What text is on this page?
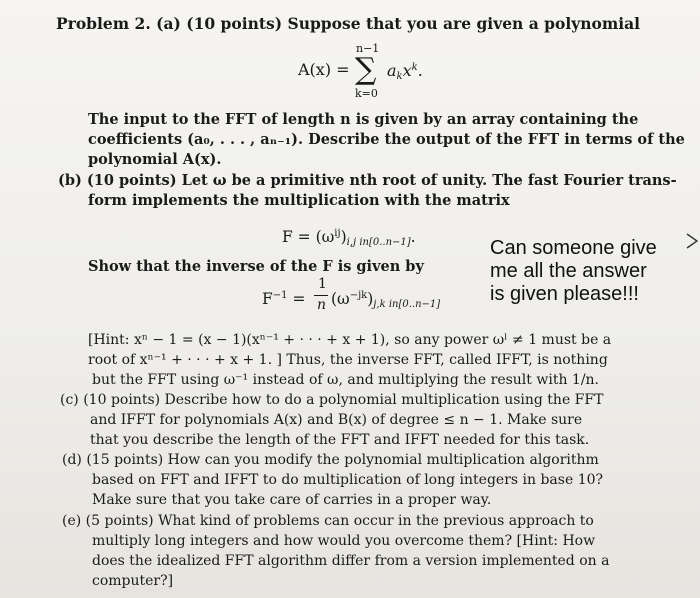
Problem 2. (a) (10 points) Suppose that you are given a polynomial
A(x) =
n−1
∑
k=0
$a_kx^k$.
The input to the FFT of length n is given by an array containing the
coefficients (a₀, . . . , aₙ₋₁). Describe the output of the FFT in terms of the
polynomial A(x).
(b) (10 points) Let ω be a primitive nth root of unity. The fast Fourier trans-
form implements the multiplication with the matrix
$F = (\omega^{ij})_{i,j in[0..n-1]}$.
Show that the inverse of the F is given by
$F^{-1}$ =
1
n $(\omega^{-jk})_{j,k in[0..n-1]}$
Can someone give
me all the answer
is given please!!!
[Hint: xⁿ − 1 = (x − 1)(xⁿ⁻¹ + · · · + x + 1), so any power ωˡ ≠ 1 must be a
root of xⁿ⁻¹ + · · · + x + 1. ] Thus, the inverse FFT, called IFFT, is nothing
but the FFT using ω⁻¹ instead of ω, and multiplying the result with 1/n.
(c) (10 points) Describe how to do a polynomial multiplication using the FFT
and IFFT for polynomials A(x) and B(x) of degree ≤ n − 1. Make sure
that you describe the length of the FFT and IFFT needed for this task.
(d) (15 points) How can you modify the polynomial multiplication algorithm
based on FFT and IFFT to do multiplication of long integers in base 10?
Make sure that you take care of carries in a proper way.
(e) (5 points) What kind of problems can occur in the previous approach to
multiply long integers and how would you overcome them? [Hint: How
does the idealized FFT algorithm differ from a version implemented on a
computer?]
